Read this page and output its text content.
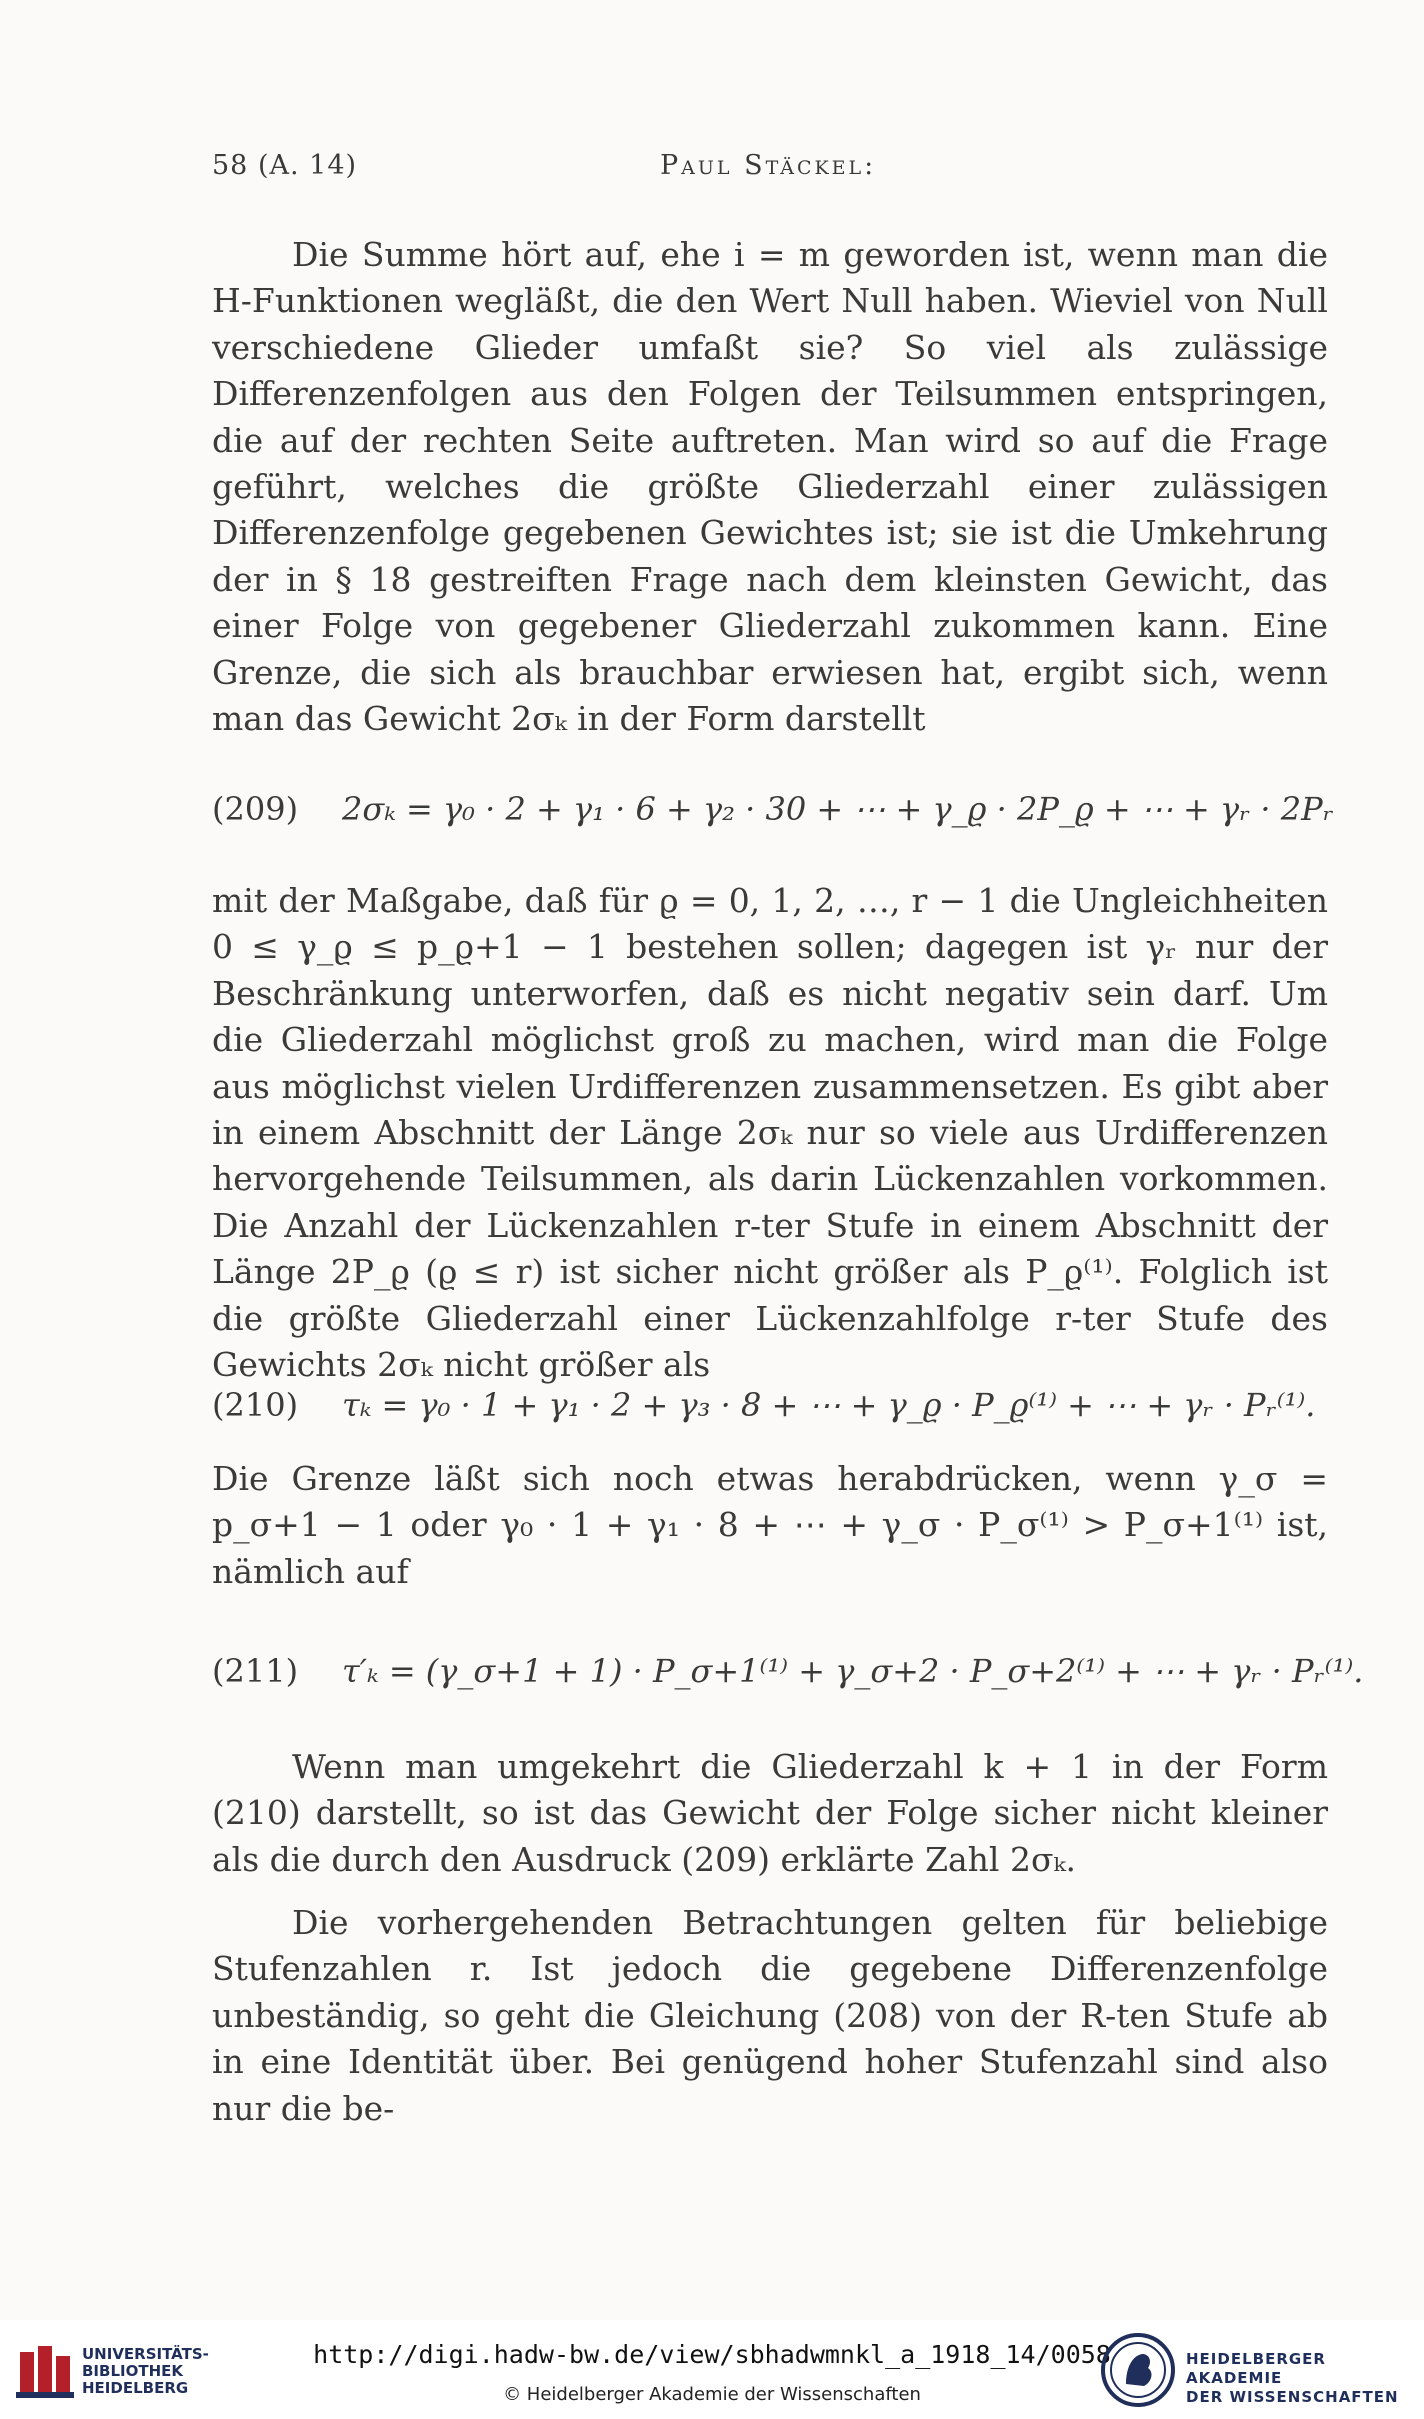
58 (A. 14)	Paul Stäckel:
Die Summe hört auf, ehe i = m geworden ist, wenn man die H-Funktionen wegläßt, die den Wert Null haben. Wieviel von Null verschiedene Glieder umfaßt sie? So viel als zulässige Differenzenfolgen aus den Folgen der Teilsummen entspringen, die auf der rechten Seite auftreten. Man wird so auf die Frage geführt, welches die größte Gliederzahl einer zulässigen Differenzenfolge gegebenen Gewichtes ist; sie ist die Umkehrung der in § 18 gestreiften Frage nach dem kleinsten Gewicht, das einer Folge von gegebener Gliederzahl zukommen kann. Eine Grenze, die sich als brauchbar erwiesen hat, ergibt sich, wenn man das Gewicht 2σₖ in der Form darstellt
(209) 2σₖ = γ₀ · 2 + γ₁ · 6 + γ₂ · 30 + ⋯ + γ_ϱ · 2P_ϱ + ⋯ + γᵣ · 2Pᵣ
mit der Maßgabe, daß für ϱ = 0, 1, 2, …, r − 1 die Ungleichheiten 0 ≤ γ_ϱ ≤ p_ϱ+1 − 1 bestehen sollen; dagegen ist γᵣ nur der Beschränkung unterworfen, daß es nicht negativ sein darf. Um die Gliederzahl möglichst groß zu machen, wird man die Folge aus möglichst vielen Urdifferenzen zusammensetzen. Es gibt aber in einem Abschnitt der Länge 2σₖ nur so viele aus Urdifferenzen hervorgehende Teilsummen, als darin Lückenzahlen vorkommen. Die Anzahl der Lückenzahlen r-ter Stufe in einem Abschnitt der Länge 2P_ϱ (ϱ ≤ r) ist sicher nicht größer als P_ϱ⁽¹⁾. Folglich ist die größte Gliederzahl einer Lückenzahlfolge r-ter Stufe des Gewichts 2σₖ nicht größer als
(210) τₖ = γ₀ · 1 + γ₁ · 2 + γ₃ · 8 + ⋯ + γ_ϱ · P_ϱ⁽¹⁾ + ⋯ + γᵣ · Pᵣ⁽¹⁾.
Die Grenze läßt sich noch etwas herabdrücken, wenn γ_σ = p_σ+1 − 1 oder γ₀ · 1 + γ₁ · 8 + ⋯ + γ_σ · P_σ⁽¹⁾ > P_σ+1⁽¹⁾ ist, nämlich auf
(211) τ′ₖ = (γ_σ+1 + 1) · P_σ+1⁽¹⁾ + γ_σ+2 · P_σ+2⁽¹⁾ + ⋯ + γᵣ · Pᵣ⁽¹⁾.
Wenn man umgekehrt die Gliederzahl k + 1 in der Form (210) darstellt, so ist das Gewicht der Folge sicher nicht kleiner als die durch den Ausdruck (209) erklärte Zahl 2σₖ.
Die vorhergehenden Betrachtungen gelten für beliebige Stufenzahlen r. Ist jedoch die gegebene Differenzenfolge unbeständig, so geht die Gleichung (208) von der R-ten Stufe ab in eine Identität über. Bei genügend hoher Stufenzahl sind also nur die be-
UNIVERSITÄTS-
BIBLIOTHEK
HEIDELBERG
http://digi.hadw-bw.de/view/sbhadwmnkl_a_1918_14/0058
© Heidelberger Akademie der Wissenschaften
HEIDELBERGER AKADEMIE
DER WISSENSCHAFTEN
